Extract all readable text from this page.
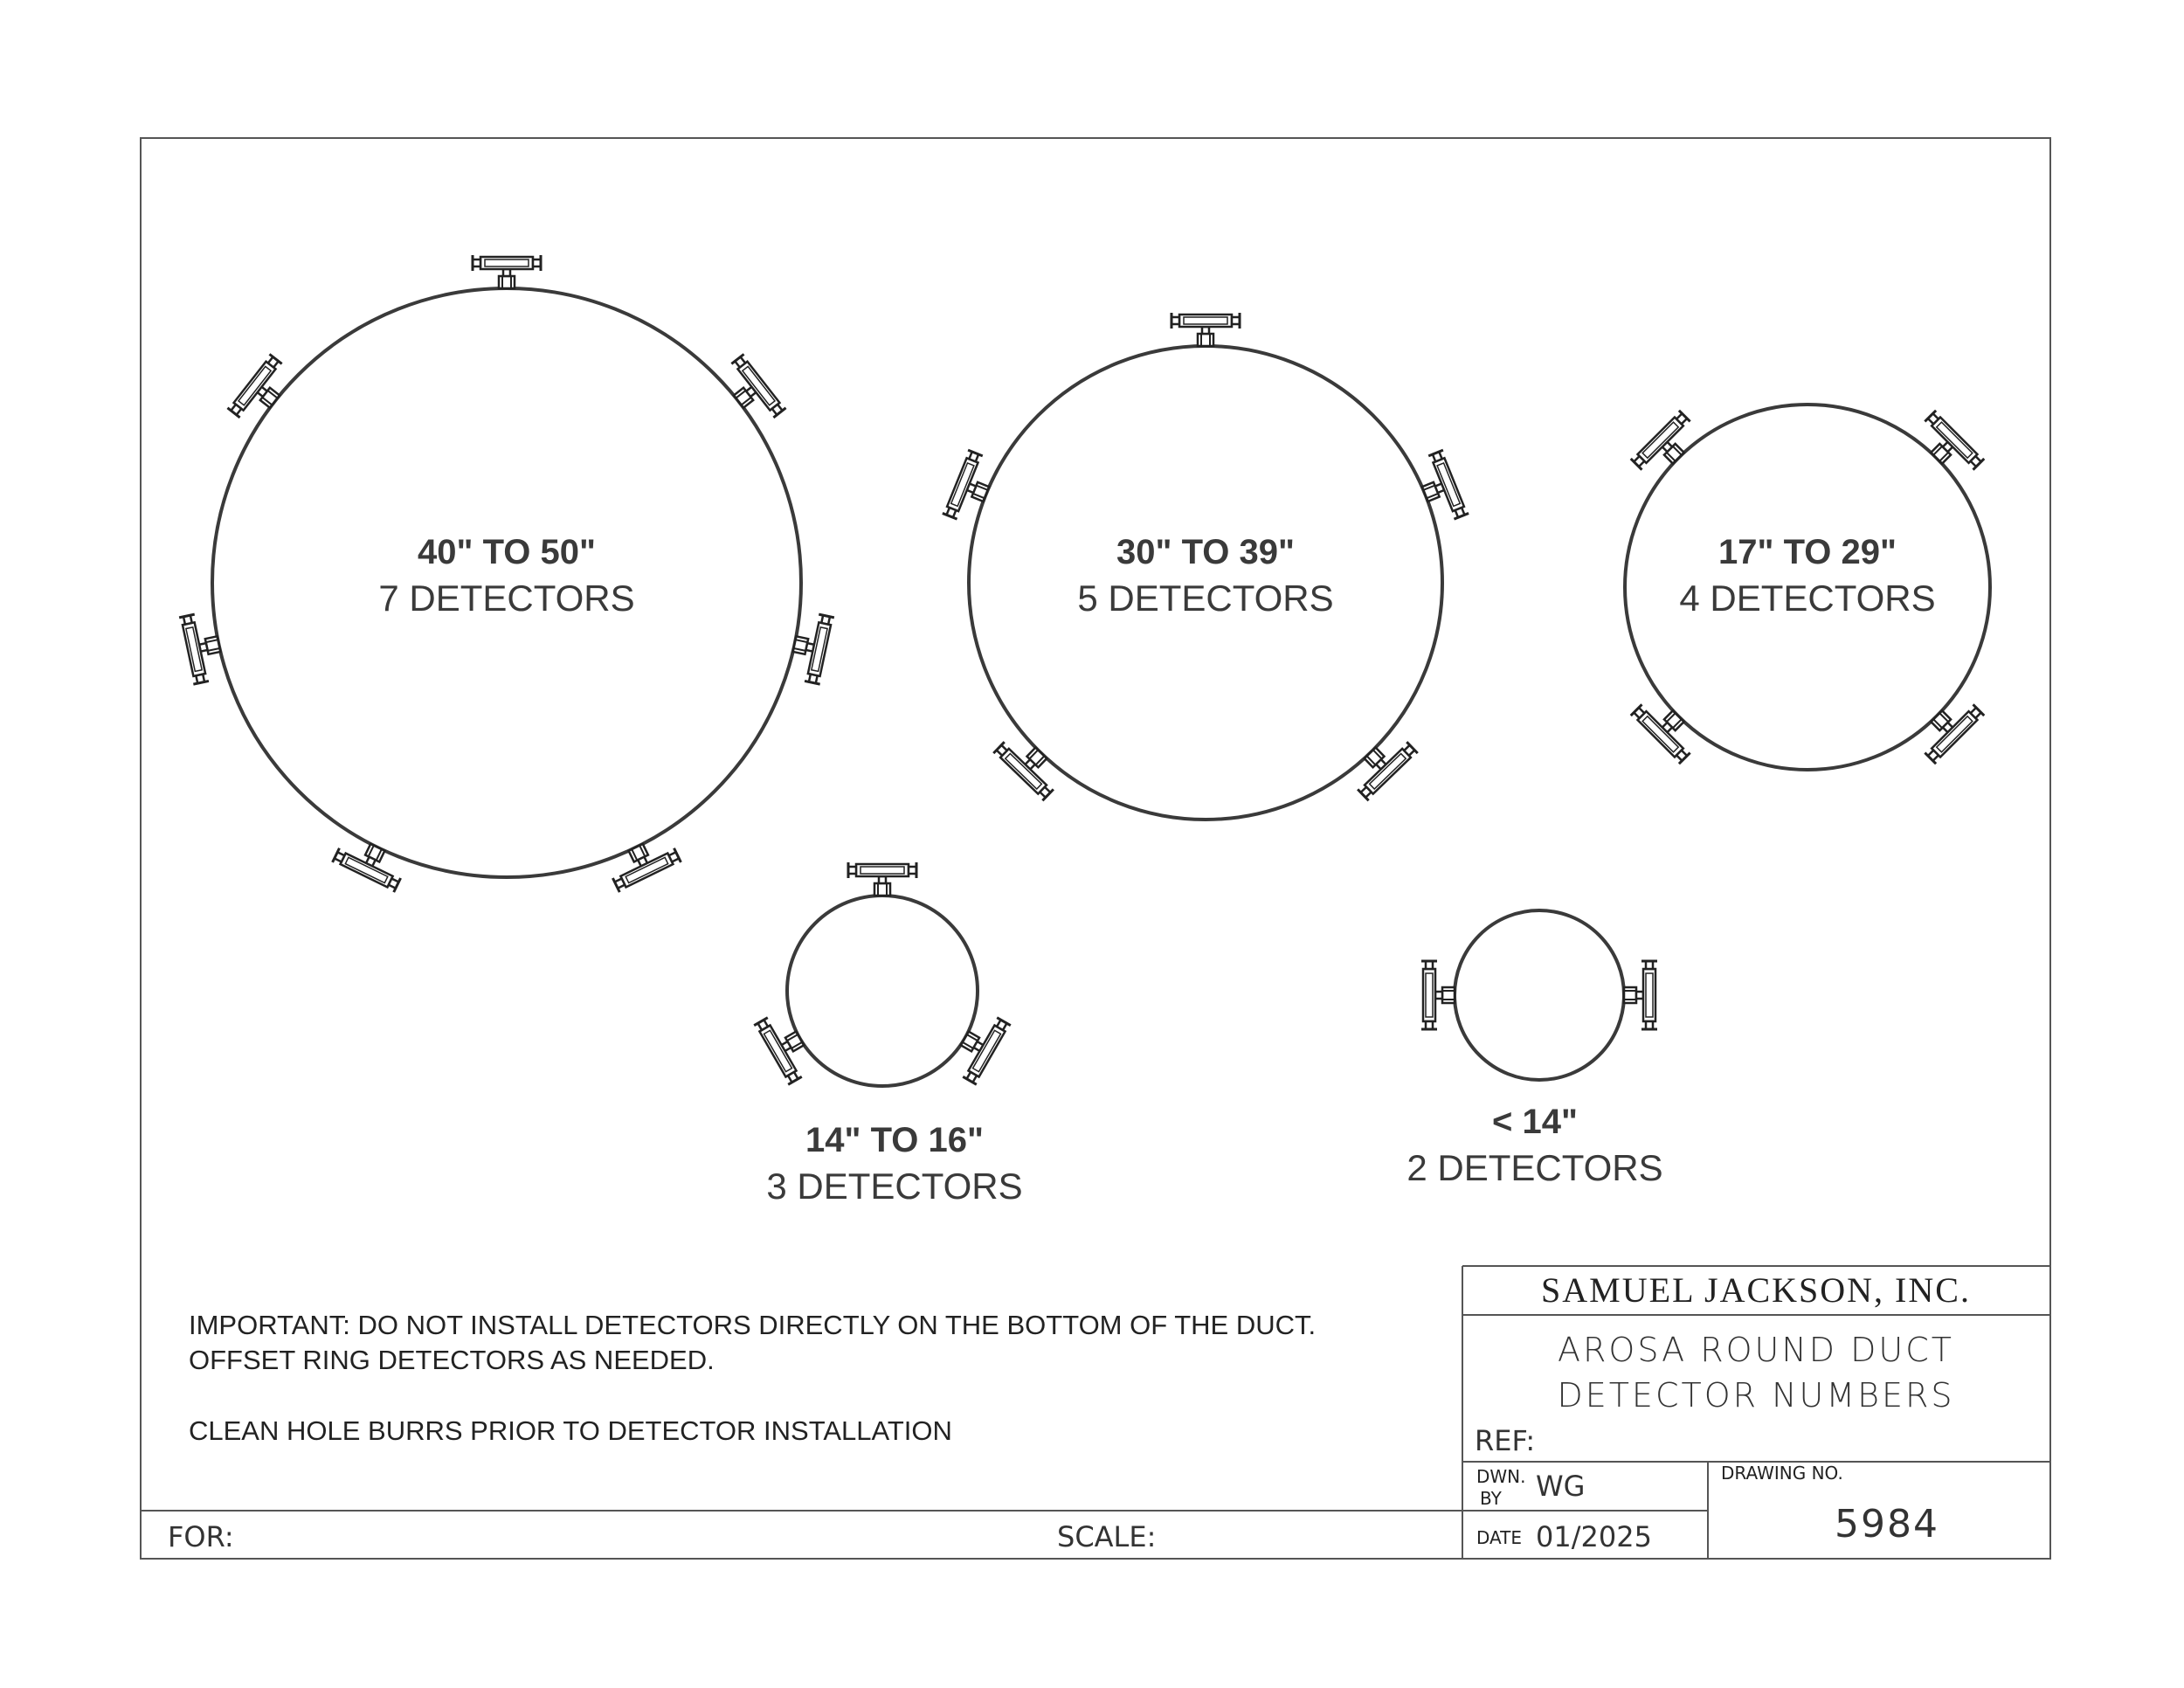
40" TO 50"
7 DETECTORS
30" TO 39"
5 DETECTORS
17" TO 29"
4 DETECTORS
14" TO 16"
3 DETECTORS
< 14"
2 DETECTORS
IMPORTANT: DO NOT INSTALL DETECTORS DIRECTLY ON THE BOTTOM OF THE DUCT.
OFFSET RING DETECTORS AS NEEDED.
CLEAN HOLE BURRS PRIOR TO DETECTOR INSTALLATION
SAMUEL JACKSON, INC.
AROSA ROUND DUCT
DETECTOR NUMBERS
REF:
DWN.
BY WG	DRAWING NO.
5984
DATE 01/2025
FOR:	SCALE:
